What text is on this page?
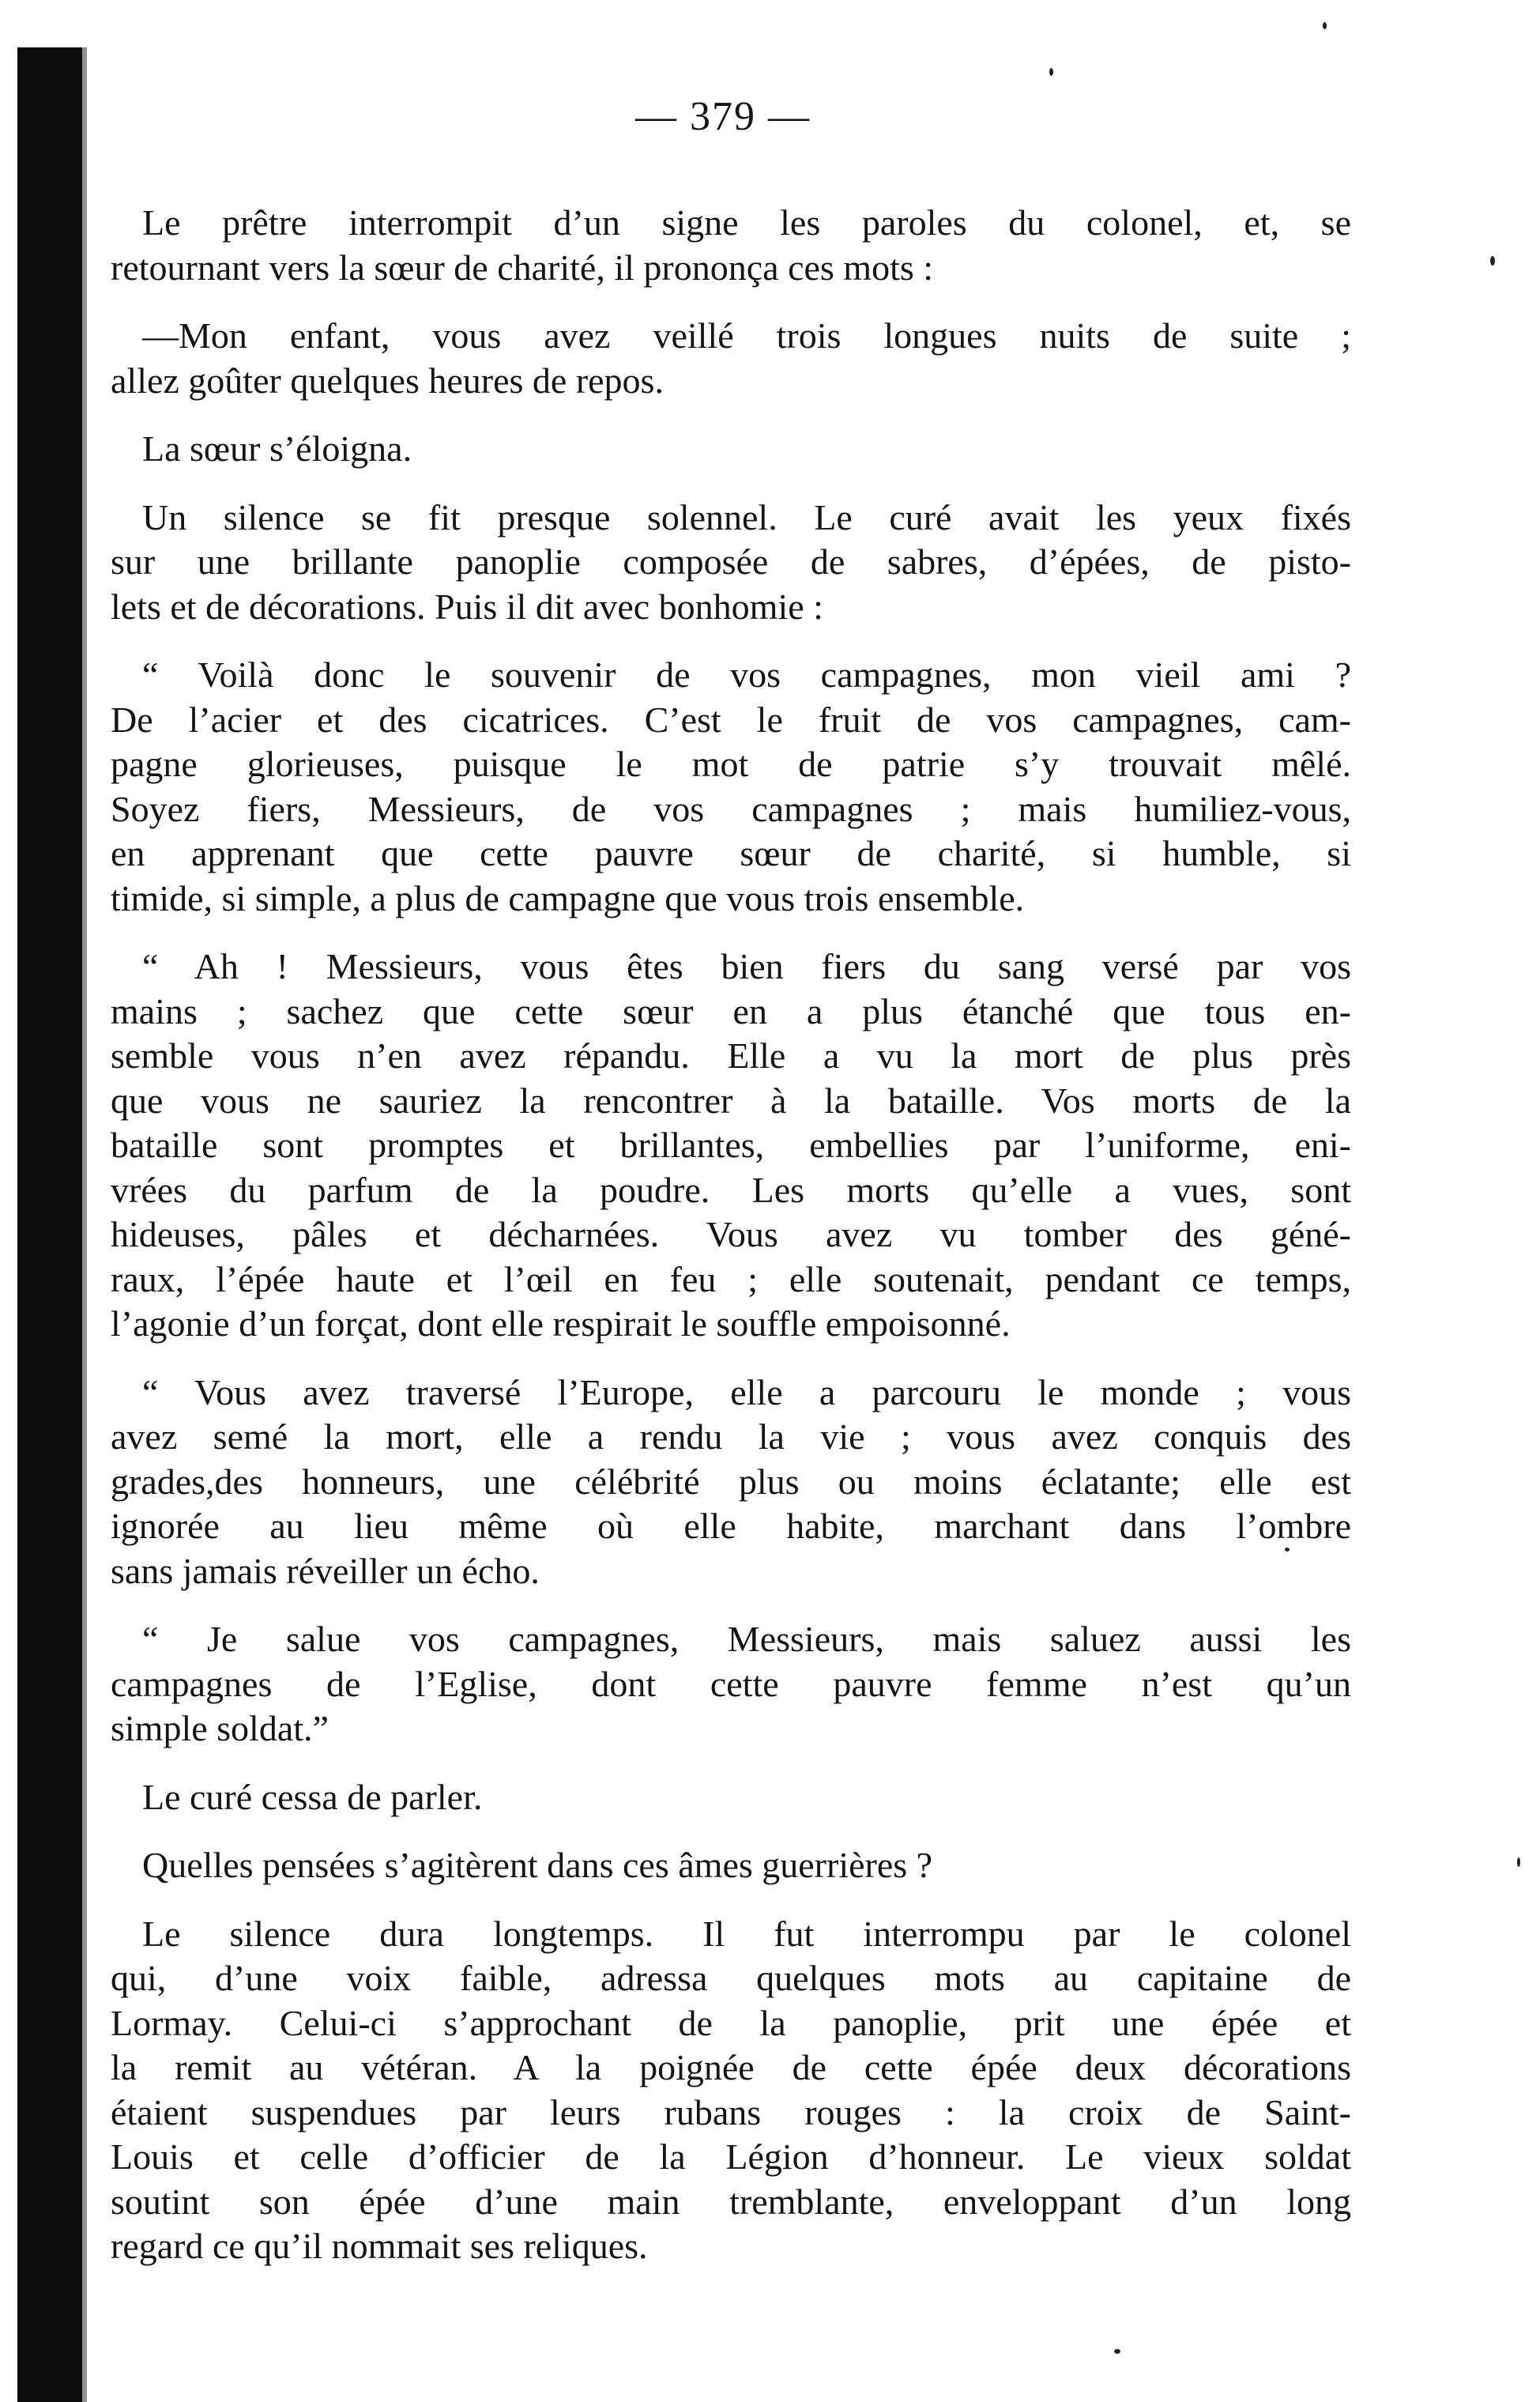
— 379 —

Le prêtre interrompit d’un signe les paroles du colonel, et, se
retournant vers la sœur de charité, il prononça ces mots :

—Mon enfant, vous avez veillé trois longues nuits de suite ;
allez goûter quelques heures de repos.

La sœur s’éloigna.

Un silence se fit presque solennel. Le curé avait les yeux fixés
sur une brillante panoplie composée de sabres, d’épées, de pisto-
lets et de décorations. Puis il dit avec bonhomie :

“ Voilà donc le souvenir de vos campagnes, mon vieil ami ?
De l’acier et des cicatrices. C’est le fruit de vos campagnes, cam-
pagne glorieuses, puisque le mot de patrie s’y trouvait mêlé.
Soyez fiers, Messieurs, de vos campagnes ; mais humiliez-vous,
en apprenant que cette pauvre sœur de charité, si humble, si
timide, si simple, a plus de campagne que vous trois ensemble.

“ Ah ! Messieurs, vous êtes bien fiers du sang versé par vos
mains ; sachez que cette sœur en a plus étanché que tous en-
semble vous n’en avez répandu. Elle a vu la mort de plus près
que vous ne sauriez la rencontrer à la bataille. Vos morts de la
bataille sont promptes et brillantes, embellies par l’uniforme, eni-
vrées du parfum de la poudre. Les morts qu’elle a vues, sont
hideuses, pâles et décharnées. Vous avez vu tomber des géné-
raux, l’épée haute et l’œil en feu ; elle soutenait, pendant ce temps,
l’agonie d’un forçat, dont elle respirait le souffle empoisonné.

“ Vous avez traversé l’Europe, elle a parcouru le monde ; vous
avez semé la mort, elle a rendu la vie ; vous avez conquis des
grades,des honneurs, une célébrité plus ou moins éclatante; elle est
ignorée au lieu même où elle habite, marchant dans l’ombre
sans jamais réveiller un écho.

“ Je salue vos campagnes, Messieurs, mais saluez aussi les
campagnes de l’Eglise, dont cette pauvre femme n’est qu’un
simple soldat.”

Le curé cessa de parler.

Quelles pensées s’agitèrent dans ces âmes guerrières ?

Le silence dura longtemps. Il fut interrompu par le colonel
qui, d’une voix faible, adressa quelques mots au capitaine de
Lormay. Celui-ci s’approchant de la panoplie, prit une épée et
la remit au vétéran. A la poignée de cette épée deux décorations
étaient suspendues par leurs rubans rouges : la croix de Saint-
Louis et celle d’officier de la Légion d’honneur. Le vieux soldat
soutint son épée d’une main tremblante, enveloppant d’un long
regard ce qu’il nommait ses reliques.
